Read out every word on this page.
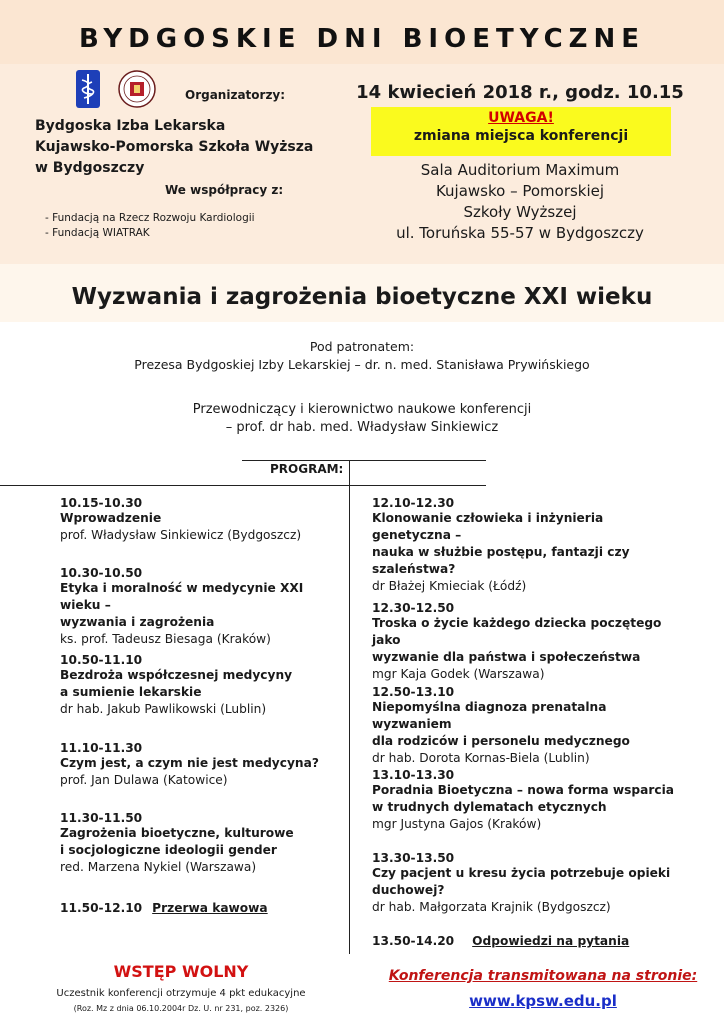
BYDGOSKIE DNI BIOETYCZNE
Organizatorzy:
Bydgoska Izba Lekarska
Kujawsko-Pomorska Szkoła Wyższa
w Bydgoszczy
We współpracy z:
- Fundacją na Rzecz Rozwoju Kardiologii
- Fundacją WIATRAK
14 kwiecień 2018 r., godz. 10.15
UWAGA!
zmiana miejsca konferencji
Sala Auditorium Maximum
Kujawsko – Pomorskiej
Szkoły Wyższej
ul. Toruńska 55-57 w Bydgoszczy
Wyzwania i zagrożenia bioetyczne XXI wieku
Pod patronatem:
Prezesa Bydgoskiej Izby Lekarskiej – dr. n. med. Stanisława Prywińskiego
Przewodniczący i kierownictwo naukowe konferencji
– prof. dr hab. med. Władysław Sinkiewicz
PROGRAM:
10.15-10.30
Wprowadzenie
prof. Władysław Sinkiewicz (Bydgoszcz)
10.30-10.50
Etyka i moralność w medycynie XXI wieku –
wyzwania i zagrożenia
ks. prof. Tadeusz Biesaga (Kraków)
10.50-11.10
Bezdroża współczesnej medycyny
a sumienie lekarskie
dr hab. Jakub Pawlikowski (Lublin)
11.10-11.30
Czym jest, a czym nie jest medycyna?
prof. Jan Dulawa (Katowice)
11.30-11.50
Zagrożenia bioetyczne, kulturowe
i socjologiczne ideologii gender
red. Marzena Nykiel (Warszawa)
11.50-12.10 Przerwa kawowa
12.10-12.30
Klonowanie człowieka i inżynieria genetyczna –
nauka w służbie postępu, fantazji czy
szaleństwa?
dr Błażej Kmieciak (Łódź)
12.30-12.50
Troska o życie każdego dziecka poczętego jako
wyzwanie dla państwa i społeczeństwa
mgr Kaja Godek (Warszawa)
12.50-13.10
Niepomyślna diagnoza prenatalna wyzwaniem
dla rodziców i personelu medycznego
dr hab. Dorota Kornas-Biela (Lublin)
13.10-13.30
Poradnia Bioetyczna – nowa forma wsparcia
w trudnych dylematach etycznych
mgr Justyna Gajos (Kraków)
13.30-13.50
Czy pacjent u kresu życia potrzebuje opieki
duchowej?
dr hab. Małgorzata Krajnik (Bydgoszcz)
13.50-14.20 Odpowiedzi na pytania
WSTĘP WOLNY
Uczestnik konferencji otrzymuje 4 pkt edukacyjne
(Roz. Mz z dnia 06.10.2004r Dz. U. nr 231, poz. 2326)
Konferencja transmitowana na stronie:
www.kpsw.edu.pl
